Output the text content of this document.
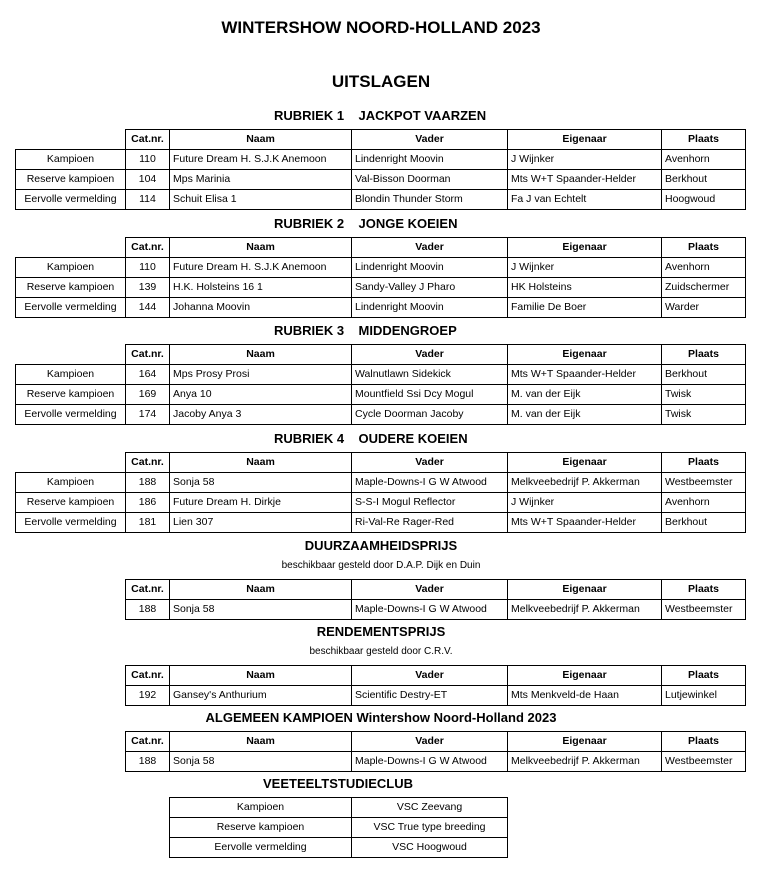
WINTERSHOW NOORD-HOLLAND 2023
UITSLAGEN
RUBRIEK 1    JACKPOT VAARZEN
	Cat.nr.	Naam	Vader	Eigenaar	Plaats
Kampioen	110	Future Dream H. S.J.K Anemoon	Lindenright Moovin	J Wijnker	Avenhorn
Reserve kampioen	104	Mps Marinia	Val-Bisson Doorman	Mts W+T Spaander-Helder	Berkhout
Eervolle vermelding	114	Schuit Elisa 1	Blondin Thunder Storm	Fa J van Echtelt	Hoogwoud
RUBRIEK 2    JONGE KOEIEN
	Cat.nr.	Naam	Vader	Eigenaar	Plaats
Kampioen	110	Future Dream H. S.J.K Anemoon	Lindenright Moovin	J Wijnker	Avenhorn
Reserve kampioen	139	H.K. Holsteins 16 1	Sandy-Valley J Pharo	HK Holsteins	Zuidschermer
Eervolle vermelding	144	Johanna Moovin	Lindenright Moovin	Familie De Boer	Warder
RUBRIEK 3    MIDDENGROEP
	Cat.nr.	Naam	Vader	Eigenaar	Plaats
Kampioen	164	Mps Prosy Prosi	Walnutlawn Sidekick	Mts W+T Spaander-Helder	Berkhout
Reserve kampioen	169	Anya 10	Mountfield Ssi Dcy Mogul	M. van der Eijk	Twisk
Eervolle vermelding	174	Jacoby Anya 3	Cycle Doorman Jacoby	M. van der Eijk	Twisk
RUBRIEK 4    OUDERE KOEIEN
	Cat.nr.	Naam	Vader	Eigenaar	Plaats
Kampioen	188	Sonja 58	Maple-Downs-I G W Atwood	Melkveebedrijf P. Akkerman	Westbeemster
Reserve kampioen	186	Future Dream H. Dirkje	S-S-I Mogul Reflector	J Wijnker	Avenhorn
Eervolle vermelding	181	Lien 307	Ri-Val-Re Rager-Red	Mts W+T Spaander-Helder	Berkhout
DUURZAAMHEIDSPRIJS
beschikbaar gesteld door D.A.P. Dijk en Duin
Cat.nr.	Naam	Vader	Eigenaar	Plaats
188	Sonja 58	Maple-Downs-I G W Atwood	Melkveebedrijf P. Akkerman	Westbeemster
RENDEMENTSPRIJS
beschikbaar gesteld door C.R.V.
Cat.nr.	Naam	Vader	Eigenaar	Plaats
192	Gansey's Anthurium	Scientific Destry-ET	Mts Menkveld-de Haan	Lutjewinkel
ALGEMEEN KAMPIOEN Wintershow Noord-Holland 2023
Cat.nr.	Naam	Vader	Eigenaar	Plaats
188	Sonja 58	Maple-Downs-I G W Atwood	Melkveebedrijf P. Akkerman	Westbeemster
VEETEELTSTUDIECLUB
Kampioen	VSC Zeevang
Reserve kampioen	VSC True type breeding
Eervolle vermelding	VSC Hoogwoud
